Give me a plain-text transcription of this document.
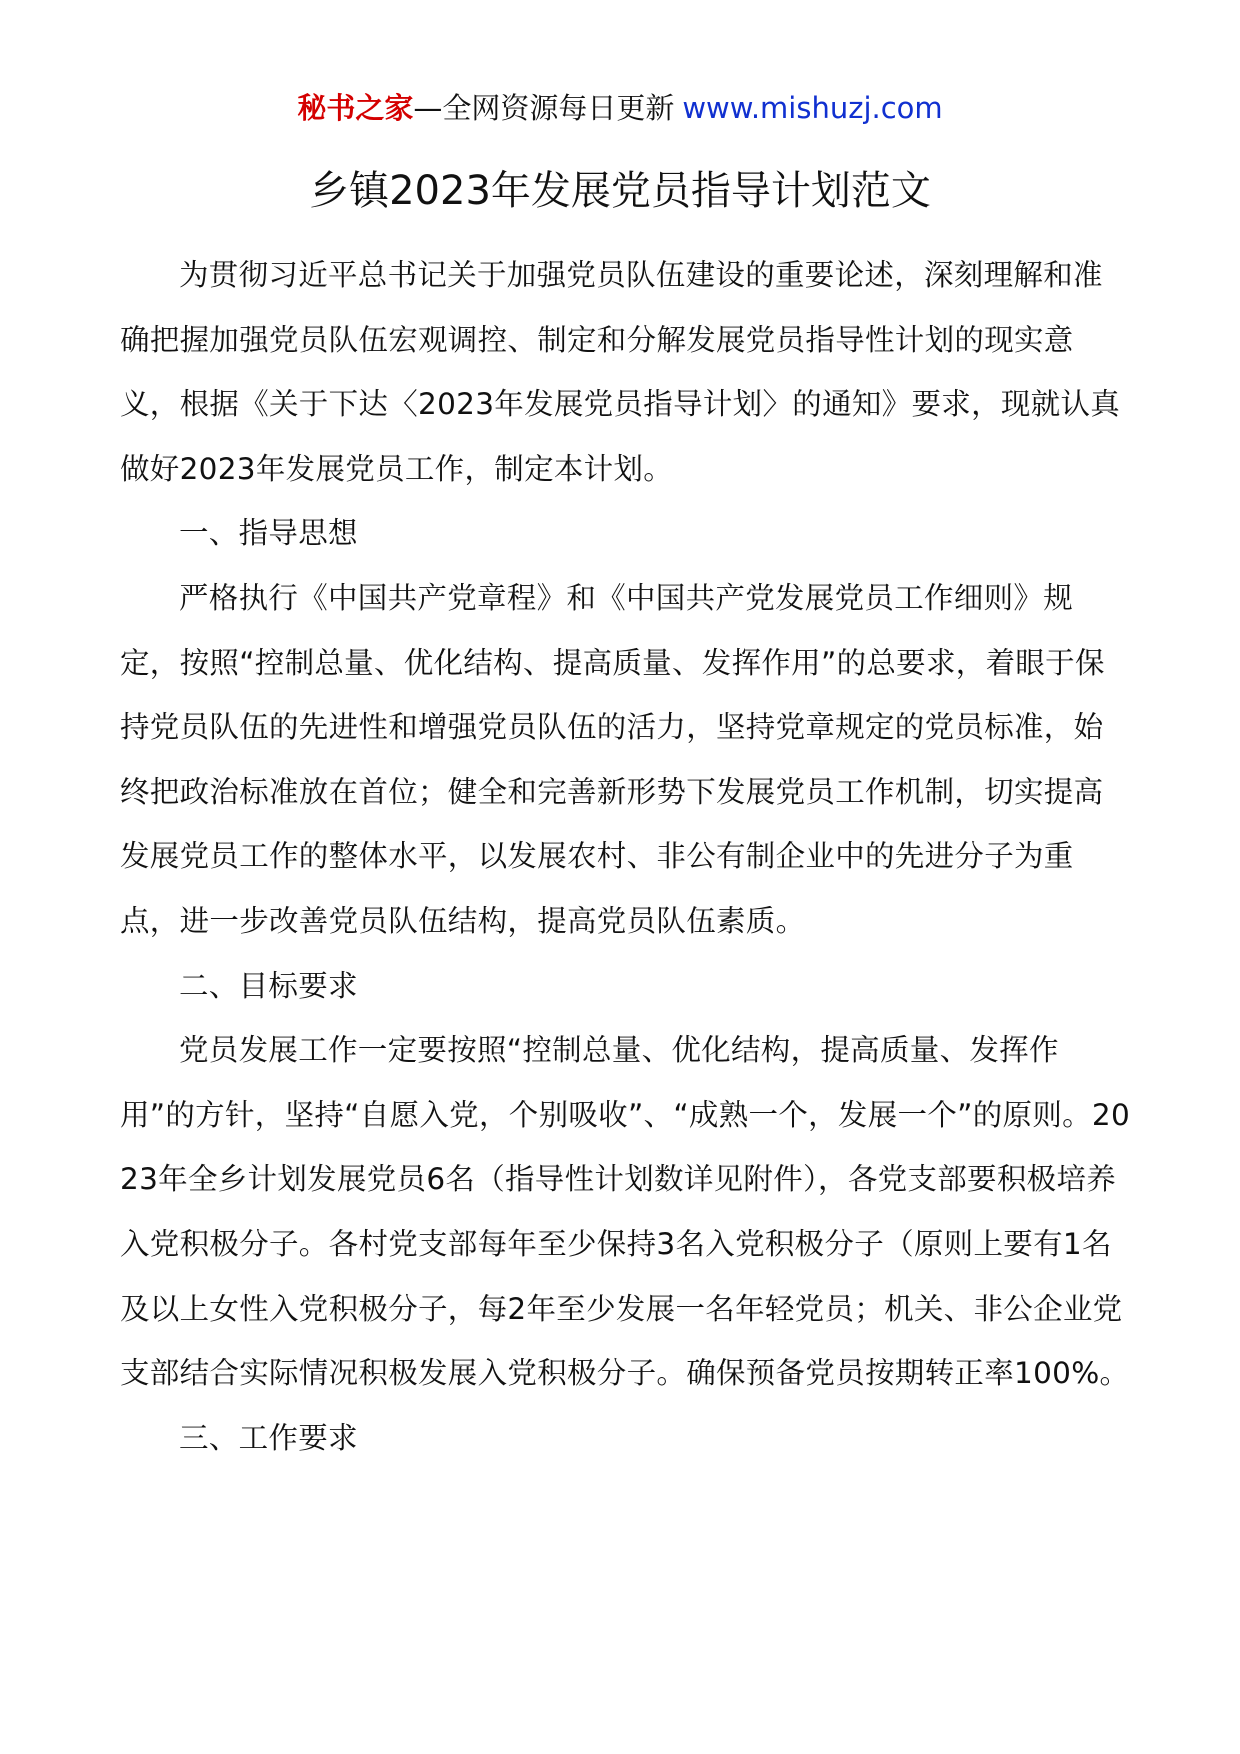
秘书之家—全网资源每日更新 www.mishuzj.com
乡镇2023年发展党员指导计划范文

为贯彻习近平总书记关于加强党员队伍建设的重要论述，深刻理解和准确把握加强党员队伍宏观调控、制定和分解发展党员指导性计划的现实意义，根据《关于下达〈2023年发展党员指导计划〉的通知》要求，现就认真做好2023年发展党员工作，制定本计划。

一、指导思想

严格执行《中国共产党章程》和《中国共产党发展党员工作细则》规定，按照“控制总量、优化结构、提高质量、发挥作用”的总要求，着眼于保持党员队伍的先进性和增强党员队伍的活力，坚持党章规定的党员标准，始终把政治标准放在首位；健全和完善新形势下发展党员工作机制，切实提高发展党员工作的整体水平，以发展农村、非公有制企业中的先进分子为重点，进一步改善党员队伍结构，提高党员队伍素质。

二、目标要求

党员发展工作一定要按照“控制总量、优化结构，提高质量、发挥作用”的方针，坚持“自愿入党，个别吸收”、“成熟一个，发展一个”的原则。2023年全乡计划发展党员6名（指导性计划数详见附件），各党支部要积极培养入党积极分子。各村党支部每年至少保持3名入党积极分子（原则上要有1名及以上女性入党积极分子，每2年至少发展一名年轻党员；机关、非公企业党支部结合实际情况积极发展入党积极分子。确保预备党员按期转正率100%。

三、工作要求
